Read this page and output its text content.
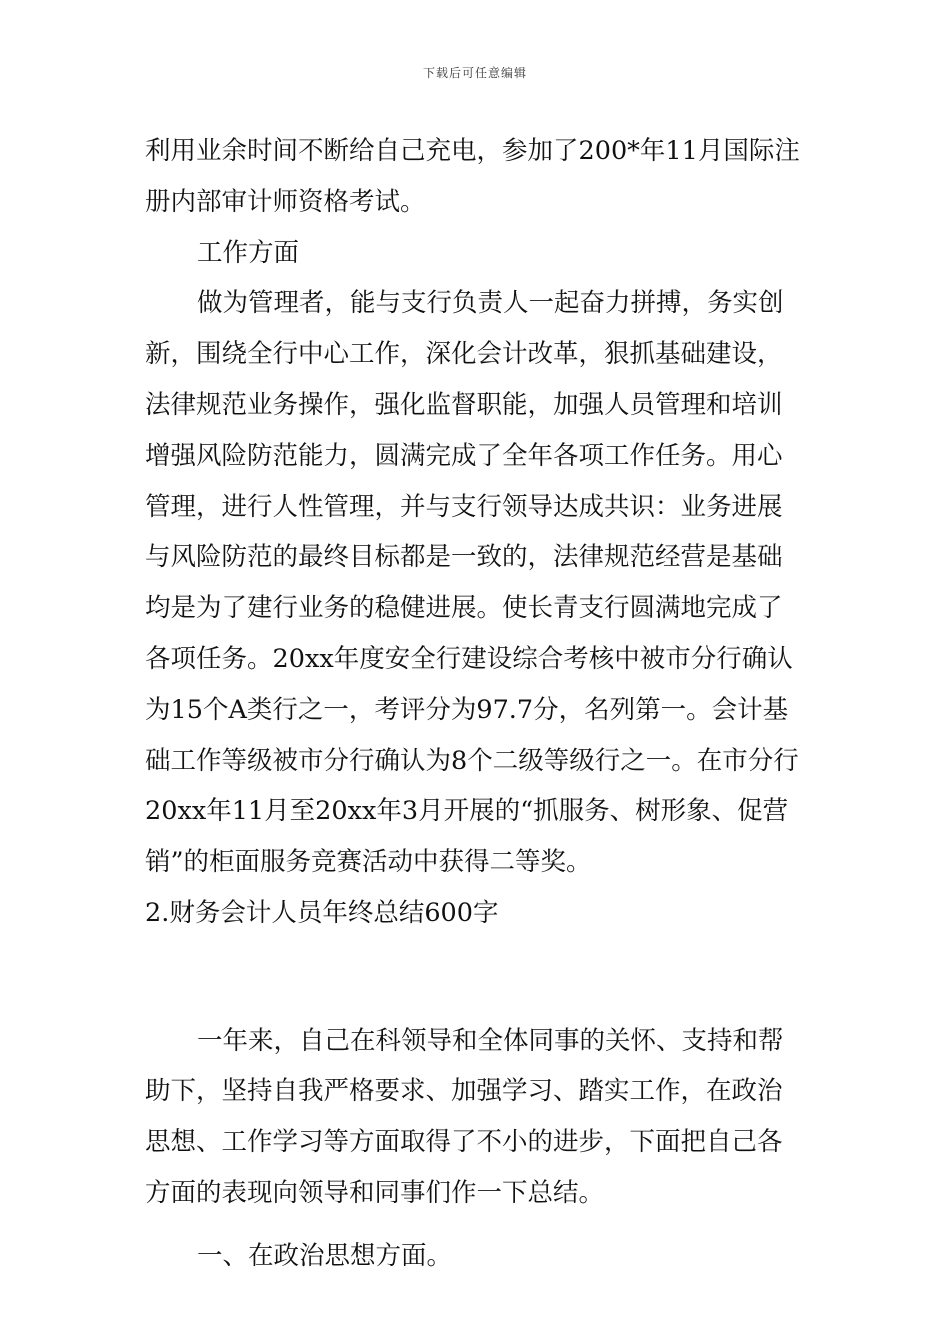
下载后可任意编辑
利用业余时间不断给自己充电，参加了200*年11月国际注
册内部审计师资格考试。
工作方面
做为管理者，能与支行负责人一起奋力拼搏，务实创
新，围绕全行中心工作，深化会计改革，狠抓基础建设，
法律规范业务操作，强化监督职能，加强人员管理和培训
增强风险防范能力，圆满完成了全年各项工作任务。用心
管理，进行人性管理，并与支行领导达成共识：业务进展
与风险防范的最终目标都是一致的，法律规范经营是基础
均是为了建行业务的稳健进展。使长青支行圆满地完成了
各项任务。20xx年度安全行建设综合考核中被市分行确认
为15个A类行之一，考评分为97.7分，名列第一。会计基
础工作等级被市分行确认为8个二级等级行之一。在市分行
20xx年11月至20xx年3月开展的“抓服务、树形象、促营
销”的柜面服务竞赛活动中获得二等奖。
2.财务会计人员年终总结600字
一年来，自己在科领导和全体同事的关怀、支持和帮
助下，坚持自我严格要求、加强学习、踏实工作，在政治
思想、工作学习等方面取得了不小的进步，下面把自己各
方面的表现向领导和同事们作一下总结。
一、在政治思想方面。
